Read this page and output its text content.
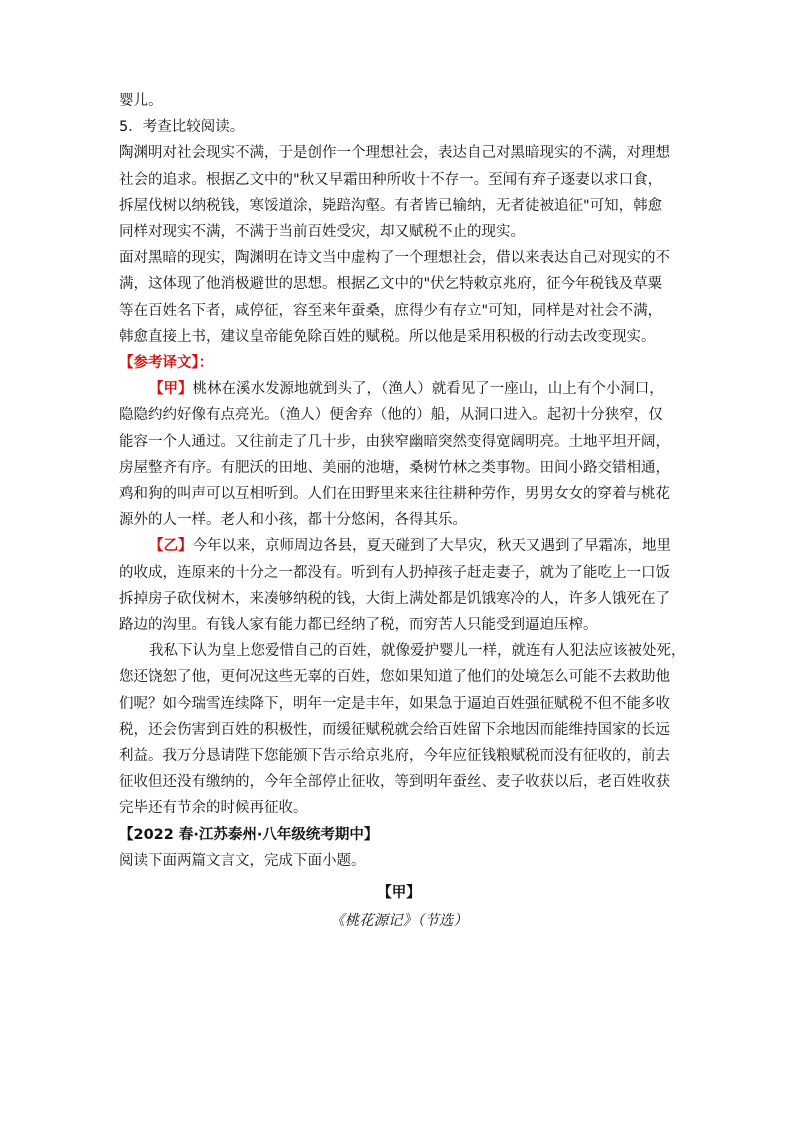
婴儿。
5．考查比较阅读。
陶渊明对社会现实不满，于是创作一个理想社会，表达自己对黑暗现实的不满，对理想
社会的追求。根据乙文中的"秋又早霜田种所收十不存一。至闻有弃子逐妻以求口食，
拆屋伐树以纳税钱，寒馁道涂，毙踣沟壑。有者皆已输纳，无者徒被追征"可知，韩愈
同样对现实不满，不满于当前百姓受灾，却又赋税不止的现实。
面对黑暗的现实，陶渊明在诗文当中虚构了一个理想社会，借以来表达自己对现实的不
满，这体现了他消极避世的思想。根据乙文中的"伏乞特敕京兆府，征今年税钱及草粟
等在百姓名下者，咸停征，容至来年蚕桑，庶得少有存立"可知，同样是对社会不满，
韩愈直接上书，建议皇帝能免除百姓的赋税。所以他是采用积极的行动去改变现实。
【参考译文】：
【甲】桃林在溪水发源地就到头了，（渔人）就看见了一座山，山上有个小洞口，
隐隐约约好像有点亮光。（渔人）便舍弃（他的）船，从洞口进入。起初十分狭窄，仅
能容一个人通过。又往前走了几十步，由狭窄幽暗突然变得宽阔明亮。土地平坦开阔，
房屋整齐有序。有肥沃的田地、美丽的池塘，桑树竹林之类事物。田间小路交错相通，
鸡和狗的叫声可以互相听到。人们在田野里来来往往耕种劳作，男男女女的穿着与桃花
源外的人一样。老人和小孩，都十分悠闲，各得其乐。
【乙】今年以来，京师周边各县，夏天碰到了大旱灾，秋天又遇到了早霜冻，地里
的收成，连原来的十分之一都没有。听到有人扔掉孩子赶走妻子，就为了能吃上一口饭
拆掉房子砍伐树木，来凑够纳税的钱，大街上满处都是饥饿寒冷的人，许多人饿死在了
路边的沟里。有钱人家有能力都已经纳了税，而穷苦人只能受到逼迫压榨。
我私下认为皇上您爱惜自己的百姓，就像爱护婴儿一样，就连有人犯法应该被处死，
您还饶恕了他，更何况这些无辜的百姓，您如果知道了他们的处境怎么可能不去救助他
们呢？如今瑞雪连续降下，明年一定是丰年，如果急于逼迫百姓强征赋税不但不能多收
税，还会伤害到百姓的积极性，而缓征赋税就会给百姓留下余地因而能维持国家的长远
利益。我万分恳请陛下您能颁下告示给京兆府，今年应征钱粮赋税而没有征收的，前去
征收但还没有缴纳的，今年全部停止征收，等到明年蚕丝、麦子收获以后，老百姓收获
完毕还有节余的时候再征收。
【2022 春·江苏泰州·八年级统考期中】
阅读下面两篇文言文，完成下面小题。
【甲】
《桃花源记》（节选）
